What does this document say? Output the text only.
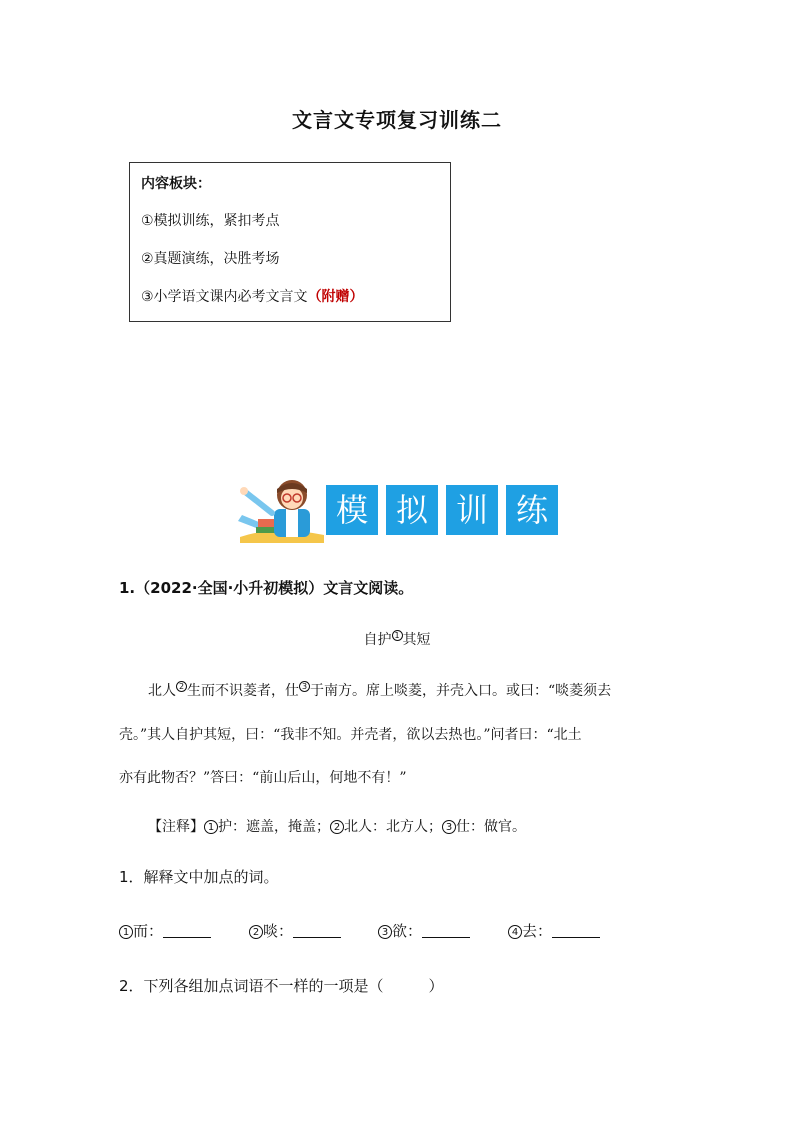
文言文专项复习训练二
内容板块：
①模拟训练，紧扣考点
②真题演练，决胜考场
③小学语文课内必考文言文（附赠）
模 拟 训 练
1.（2022·全国·小升初模拟）文言文阅读。
自护 1 其短
北人 2 生而不识菱者，仕 3 于南方。席上啖菱，并壳入口。或曰：“啖菱须去
壳。”其人自护其短，曰：“我非不知。并壳者，欲以去热也。”问者曰：“北土
亦有此物否？”答曰：“前山后山，何地不有！”
【注释】 1 护：遮盖，掩盖； 2 北人：北方人； 3 仕：做官。
1．解释文中加点的词。
1 而：	2 啖：	3 欲：	4 去：
2．下列各组加点词语不一样的一项是（　　　）
